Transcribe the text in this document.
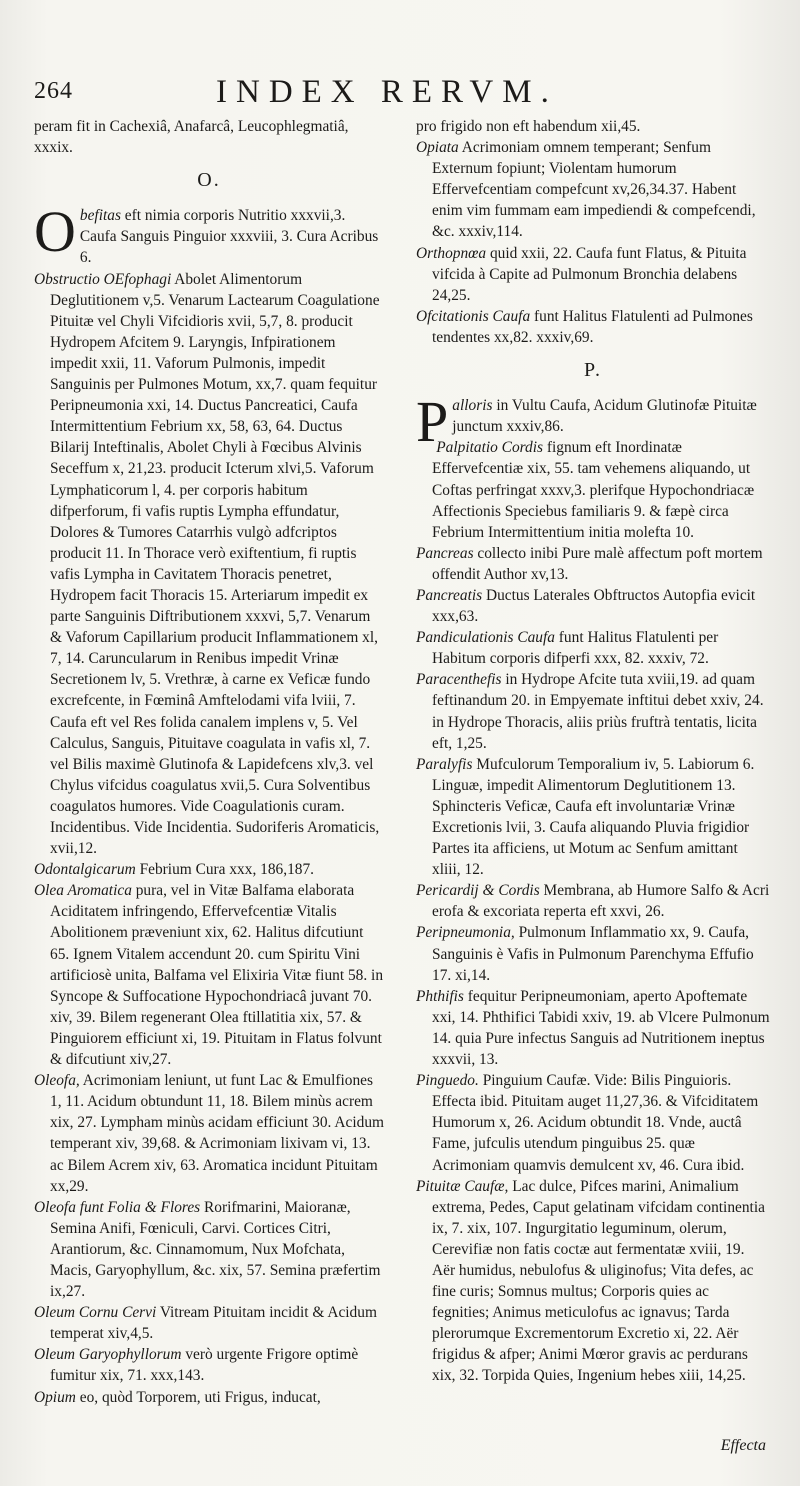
264	INDEX RERVM.

peram fit in Cachexiâ, Anafarcâ, Leucophlegmatiâ, xxxix.

O.

Obefitas eft nimia corporis Nutritio xxxvii,3. Caufa Sanguis Pinguior xxxviii, 3. Cura Acribus 6.

Obstructio OEfophagi Abolet Alimentorum Deglutitionem v,5. Venarum Lactearum Coagulatione Pituitæ vel Chyli Vifcidioris xvii, 5,7, 8. producit Hydropem Afcitem 9. Laryngis, Infpirationem impedit xxii, 11. Vaforum Pulmonis, impedit Sanguinis per Pulmones Motum, xx,7. quam fequitur Peripneumonia xxi, 14. Ductus Pancreatici, Caufa Intermittentium Febrium xx, 58, 63, 64. Ductus Bilarij Inteftinalis, Abolet Chyli à Fœcibus Alvinis Seceffum x, 21,23. producit Icterum xlvi,5. Vaforum Lymphaticorum l, 4. per corporis habitum difperforum, fi vafis ruptis Lympha effundatur, Dolores & Tumores Catarrhis vulgò adfcriptos producit 11. In Thorace verò exiftentium, fi ruptis vafis Lympha in Cavitatem Thoracis penetret, Hydropem facit Thoracis 15. Arteriarum impedit ex parte Sanguinis Diftributionem xxxvi, 5,7. Venarum & Vaforum Capillarium producit Inflammationem xl, 7, 14. Caruncularum in Renibus impedit Vrinæ Secretionem lv, 5. Vrethræ, à carne ex Veficæ fundo excrefcente, in Fœminâ Amftelodami vifa lviii, 7. Caufa eft vel Res folida canalem implens v, 5. Vel Calculus, Sanguis, Pituitave coagulata in vafis xl, 7. vel Bilis maximè Glutinofa & Lapidefcens xlv,3. vel Chylus vifcidus coagulatus xvii,5. Cura Solventibus coagulatos humores. Vide Coagulationis curam. Incidentibus. Vide Incidentia. Sudoriferis Aromaticis, xvii,12.

Odontalgicarum Febrium Cura xxx, 186,187.

Olea Aromatica pura, vel in Vitæ Balfama elaborata Aciditatem infringendo, Effervefcentiæ Vitalis Abolitionem præveniunt xix, 62. Halitus difcutiunt 65. Ignem Vitalem accendunt 20. cum Spiritu Vini artificiosè unita, Balfama vel Elixiria Vitæ fiunt 58. in Syncope & Suffocatione Hypochondriacâ juvant 70. xiv, 39. Bilem regenerant Olea ftillatitia xix, 57. & Pinguiorem efficiunt xi, 19. Pituitam in Flatus folvunt & difcutiunt xiv,27.

Oleofa, Acrimoniam leniunt, ut funt Lac & Emulfiones 1, 11. Acidum obtundunt 11, 18. Bilem minùs acrem xix, 27. Lympham minùs acidam efficiunt 30. Acidum temperant xiv, 39,68. & Acrimoniam lixivam vi, 13. ac Bilem Acrem xiv, 63. Aromatica incidunt Pituitam xx,29.

Oleofa funt Folia & Flores Rorifmarini, Maioranæ, Semina Anifi, Fœniculi, Carvi. Cortices Citri, Arantiorum, &c. Cinnamomum, Nux Mofchata, Macis, Garyophyllum, &c. xix, 57. Semina præfertim ix,27.

Oleum Cornu Cervi Vitream Pituitam incidit & Acidum temperat xiv,4,5.

Oleum Garyophyllorum verò urgente Frigore optimè fumitur xix, 71. xxx,143.

Opium eo, quòd Torporem, uti Frigus, inducat,

pro frigido non eft habendum xii,45.

Opiata Acrimoniam omnem temperant; Senfum Externum fopiunt; Violentam humorum Effervefcentiam compefcunt xv,26,34.37. Habent enim vim fummam eam impediendi & compefcendi, &c. xxxiv,114.

Orthopnœa quid xxii, 22. Caufa funt Flatus, & Pituita vifcida à Capite ad Pulmonum Bronchia delabens 24,25.

Ofcitationis Caufa funt Halitus Flatulenti ad Pulmones tendentes xx,82. xxxiv,69.

P.

Palloris in Vultu Caufa, Acidum Glutinofæ Pituitæ junctum xxxiv,86.

Palpitatio Cordis fignum eft Inordinatæ Effervefcentiæ xix, 55. tam vehemens aliquando, ut Coftas perfringat xxxv,3. plerifque Hypochondriacæ Affectionis Speciebus familiaris 9. & fæpè circa Febrium Intermittentium initia molefta 10.

Pancreas collecto inibi Pure malè affectum poft mortem offendit Author xv,13.

Pancreatis Ductus Laterales Obftructos Autopfia evicit xxx,63.

Pandiculationis Caufa funt Halitus Flatulenti per Habitum corporis difperfi xxx, 82. xxxiv, 72.

Paracenthefis in Hydrope Afcite tuta xviii,19. ad quam feftinandum 20. in Empyemate inftitui debet xxiv, 24. in Hydrope Thoracis, aliis priùs fruftrà tentatis, licita eft, 1,25.

Paralyfis Mufculorum Temporalium iv, 5. Labiorum 6. Linguæ, impedit Alimentorum Deglutitionem 13. Sphincteris Veficæ, Caufa eft involuntariæ Vrinæ Excretionis lvii, 3. Caufa aliquando Pluvia frigidior Partes ita afficiens, ut Motum ac Senfum amittant xliii, 12.

Pericardij & Cordis Membrana, ab Humore Salfo & Acri erofa & excoriata reperta eft xxvi, 26.

Peripneumonia, Pulmonum Inflammatio xx, 9. Caufa, Sanguinis è Vafis in Pulmonum Parenchyma Effufio 17. xi,14.

Phthifis fequitur Peripneumoniam, aperto Apoftemate xxi, 14. Phthifici Tabidi xxiv, 19. ab Vlcere Pulmonum 14. quia Pure infectus Sanguis ad Nutritionem ineptus xxxvii, 13.

Pinguedo. Pinguium Caufæ. Vide: Bilis Pinguioris. Effecta ibid. Pituitam auget 11,27,36. & Vifciditatem Humorum x, 26. Acidum obtundit 18. Vnde, auctâ Fame, jufculis utendum pinguibus 25. quæ Acrimoniam quamvis demulcent xv, 46. Cura ibid.

Pituitæ Caufæ, Lac dulce, Pifces marini, Animalium extrema, Pedes, Caput gelatinam vifcidam continentia ix, 7. xix, 107. Ingurgitatio leguminum, olerum, Cerevifiæ non fatis coctæ aut fermentatæ xviii, 19. Aër humidus, nebulofus & uliginofus; Vita defes, ac fine curis; Somnus multus; Corporis quies ac fegnities; Animus meticulofus ac ignavus; Tarda plerorumque Excrementorum Excretio xi, 22. Aër frigidus & afper; Animi Mœror gravis ac perdurans xix, 32. Torpida Quies, Ingenium hebes xiii, 14,25.

Effecta
